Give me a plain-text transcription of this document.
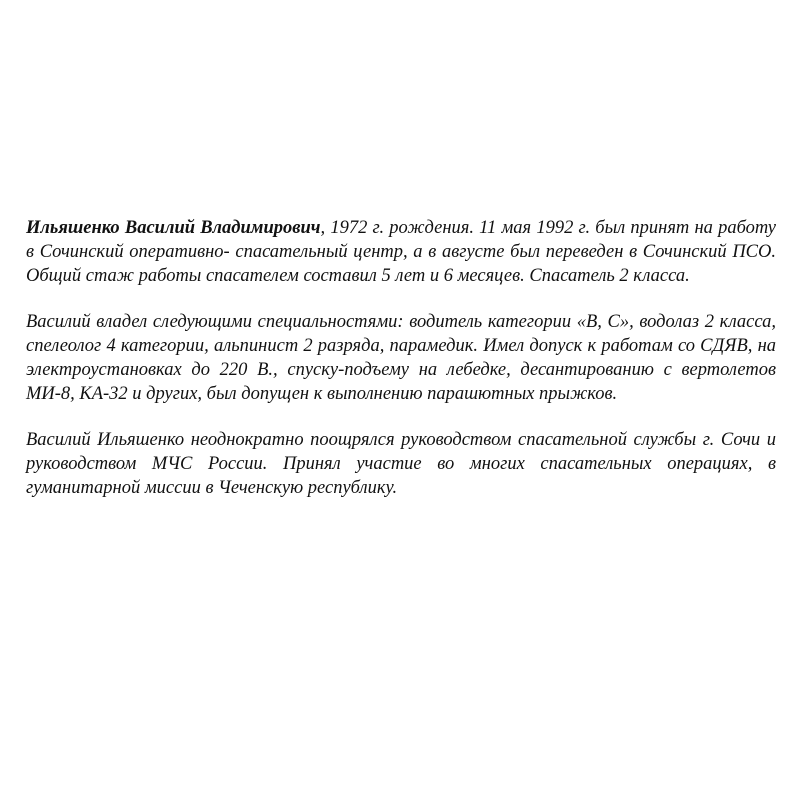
Ильяшенко Василий Владимирович, 1972 г. рождения. 11 мая 1992 г. был принят на работу в Сочинский оперативно- спасательный центр, а в августе был переведен в Сочинский ПСО. Общий стаж работы спасателем составил 5 лет и 6 месяцев. Спасатель 2 класса.

Василий владел следующими специальностями: водитель категории «В, С», водолаз 2 класса, спелеолог 4 категории, альпинист 2 разряда, парамедик. Имел допуск к работам со СДЯВ, на электроустановках до 220 В., спуску-подъему на лебедке, десантированию с вертолетов МИ-8, КА-32 и других, был допущен к выполнению парашютных прыжков.

Василий Ильяшенко неоднократно поощрялся руководством спасательной службы г. Сочи и руководством МЧС России. Принял участие во многих спасательных операциях, в гуманитарной миссии в Чеченскую республику.
